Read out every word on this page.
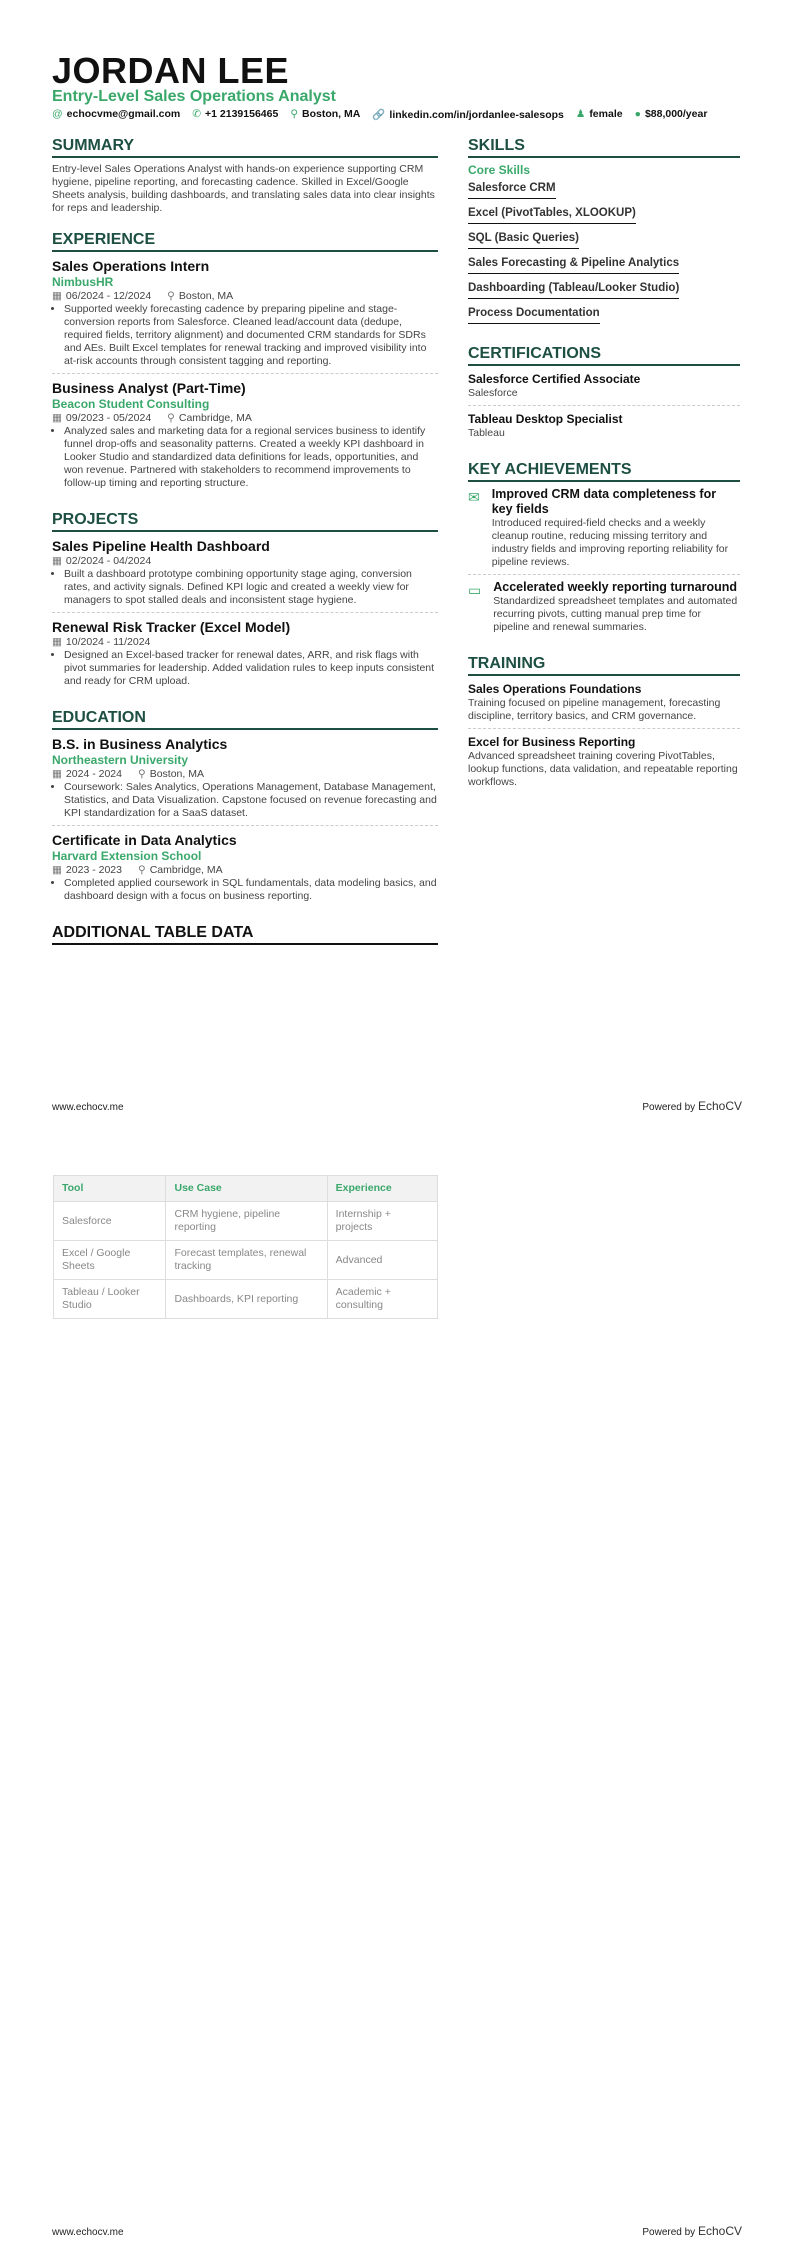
JORDAN LEE
Entry-Level Sales Operations Analyst
@ echocvme@gmail.com ✆ +1 2139156465 ⚲ Boston, MA 🔗 linkedin.com/in/jordanlee-salesops ♟ female ● $88,000/year
SUMMARY

Entry-level Sales Operations Analyst with hands-on experience supporting CRM hygiene, pipeline reporting, and forecasting cadence. Skilled in Excel/Google Sheets analysis, building dashboards, and translating sales data into clear insights for reps and leadership.

EXPERIENCE
Sales Operations Intern
NimbusHR
▦ 06/2024 - 12/2024 ⚲ Boston, MA
• Supported weekly forecasting cadence by preparing pipeline and stage-conversion reports from Salesforce. Cleaned lead/account data (dedupe, required fields, territory alignment) and documented CRM standards for SDRs and AEs. Built Excel templates for renewal tracking and improved visibility into at-risk accounts through consistent tagging and reporting.
Business Analyst (Part-Time)
Beacon Student Consulting
▦ 09/2023 - 05/2024 ⚲ Cambridge, MA
• Analyzed sales and marketing data for a regional services business to identify funnel drop-offs and seasonality patterns. Created a weekly KPI dashboard in Looker Studio and standardized data definitions for leads, opportunities, and won revenue. Partnered with stakeholders to recommend improvements to follow-up timing and reporting structure.
PROJECTS
Sales Pipeline Health Dashboard
▦ 02/2024 - 04/2024
• Built a dashboard prototype combining opportunity stage aging, conversion rates, and activity signals. Defined KPI logic and created a weekly view for managers to spot stalled deals and inconsistent stage hygiene.
Renewal Risk Tracker (Excel Model)
▦ 10/2024 - 11/2024
• Designed an Excel-based tracker for renewal dates, ARR, and risk flags with pivot summaries for leadership. Added validation rules to keep inputs consistent and ready for CRM upload.
EDUCATION
B.S. in Business Analytics
Northeastern University
▦ 2024 - 2024 ⚲ Boston, MA
• Coursework: Sales Analytics, Operations Management, Database Management, Statistics, and Data Visualization. Capstone focused on revenue forecasting and KPI standardization for a SaaS dataset.
Certificate in Data Analytics
Harvard Extension School
▦ 2023 - 2023 ⚲ Cambridge, MA
• Completed applied coursework in SQL fundamentals, data modeling basics, and dashboard design with a focus on business reporting.
ADDITIONAL TABLE DATA
SKILLS
Core Skills
Salesforce CRM
Excel (PivotTables, XLOOKUP)
SQL (Basic Queries)
Sales Forecasting & Pipeline Analytics
Dashboarding (Tableau/Looker Studio)
Process Documentation
CERTIFICATIONS
Salesforce Certified Associate

Salesforce

Tableau Desktop Specialist

Tableau

KEY ACHIEVEMENTS
✉ Improved CRM data completeness for key fields

Introduced required-field checks and a weekly cleanup routine, reducing missing territory and industry fields and improving reporting reliability for pipeline reviews.

▭ Accelerated weekly reporting turnaround

Standardized spreadsheet templates and automated recurring pivots, cutting manual prep time for pipeline and renewal summaries.

TRAINING
Sales Operations Foundations

Training focused on pipeline management, forecasting discipline, territory basics, and CRM governance.

Excel for Business Reporting

Advanced spreadsheet training covering PivotTables, lookup functions, data validation, and repeatable reporting workflows.

www.echocv.me	Powered by EchoCV
Tool	Use Case	Experience
Salesforce	CRM hygiene, pipeline reporting	Internship + projects
Excel / Google Sheets	Forecast templates, renewal tracking	Advanced
Tableau / Looker Studio	Dashboards, KPI reporting	Academic + consulting
www.echocv.me	Powered by EchoCV
